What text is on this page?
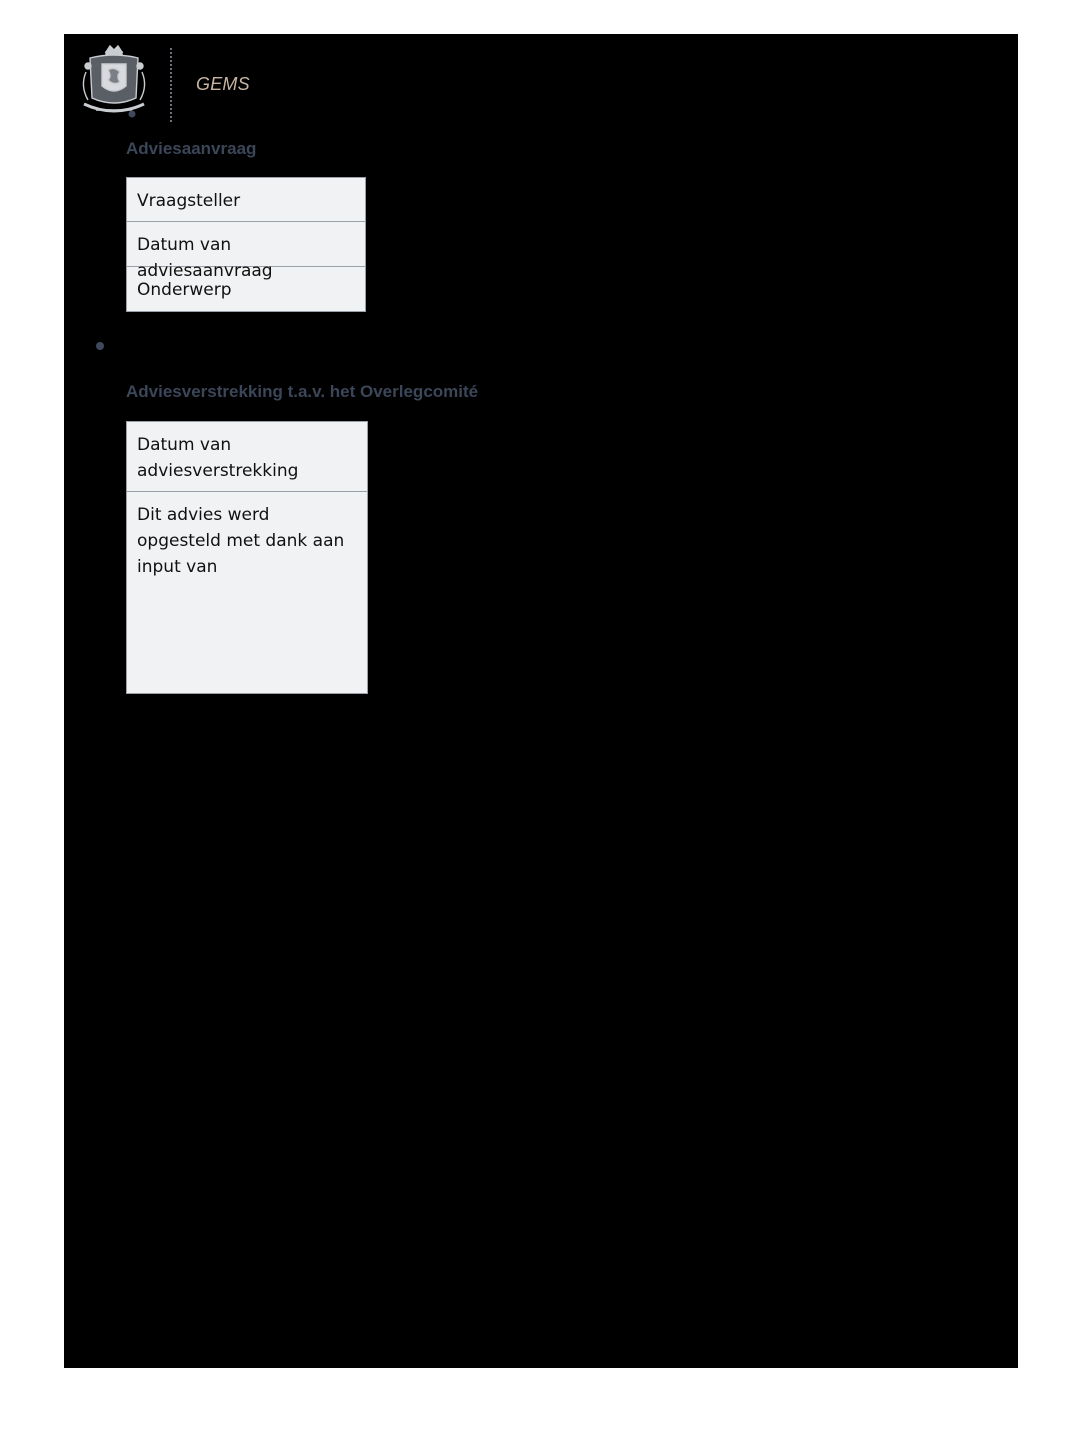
GEMS
Adviesaanvraag
Vraagsteller
Datum van adviesaanvraag
Onderwerp
Adviesverstrekking t.a.v. het Overlegcomité
Datum van adviesverstrekking
Dit advies werd opgesteld met dank aan input van
